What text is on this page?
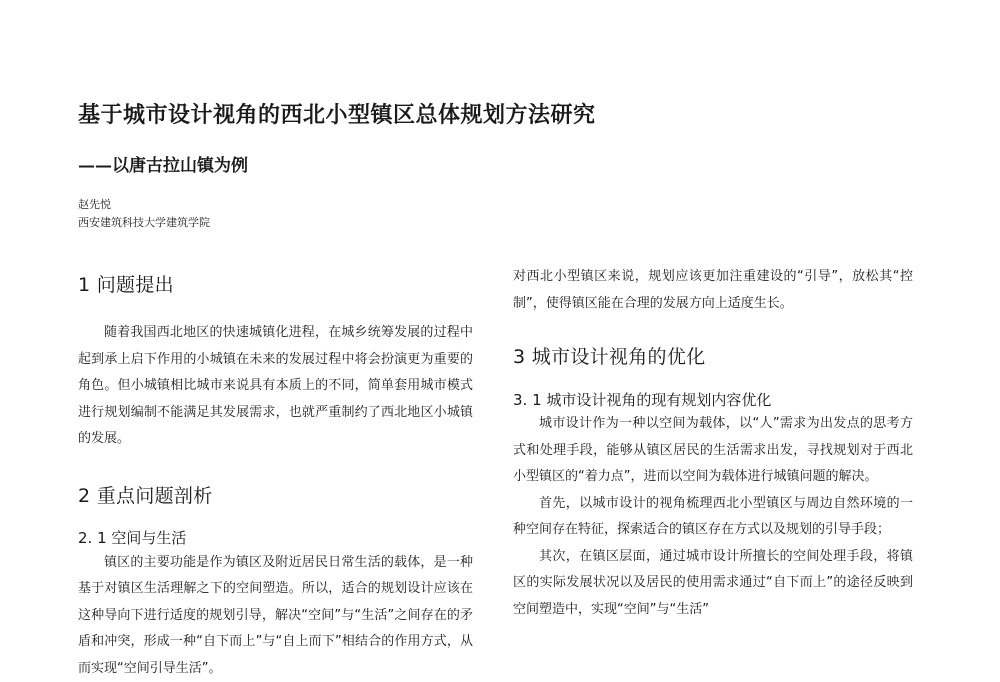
基于城市设计视角的西北小型镇区总体规划方法研究
——以唐古拉山镇为例
赵先悦
西安建筑科技大学建筑学院
1 问题提出

随着我国西北地区的快速城镇化进程，在城乡统筹发展的过程中起到承上启下作用的小城镇在未来的发展过程中将会扮演更为重要的角色。但小城镇相比城市来说具有本质上的不同，简单套用城市模式进行规划编制不能满足其发展需求，也就严重制约了西北地区小城镇的发展。

2 重点问题剖析
2. 1 空间与生活

镇区的主要功能是作为镇区及附近居民日常生活的载体，是一种基于对镇区生活理解之下的空间塑造。所以，适合的规划设计应该在这种导向下进行适度的规划引导，解决“空间”与“生活”之间存在的矛盾和冲突，形成一种“自下而上”与“自上而下”相结合的作用方式，从而实现“空间引导生活”。

对西北小型镇区来说，规划应该更加注重建设的“引导”，放松其“控制”，使得镇区能在合理的发展方向上适度生长。

3 城市设计视角的优化
3. 1 城市设计视角的现有规划内容优化

城市设计作为一种以空间为载体，以“人”需求为出发点的思考方式和处理手段，能够从镇区居民的生活需求出发，寻找规划对于西北小型镇区的“着力点”，进而以空间为载体进行城镇问题的解决。

首先，以城市设计的视角梳理西北小型镇区与周边自然环境的一种空间存在特征，探索适合的镇区存在方式以及规划的引导手段；

其次，在镇区层面，通过城市设计所擅长的空间处理手段，将镇区的实际发展状况以及居民的使用需求通过“自下而上”的途径反映到空间塑造中，实现“空间”与“生活”
